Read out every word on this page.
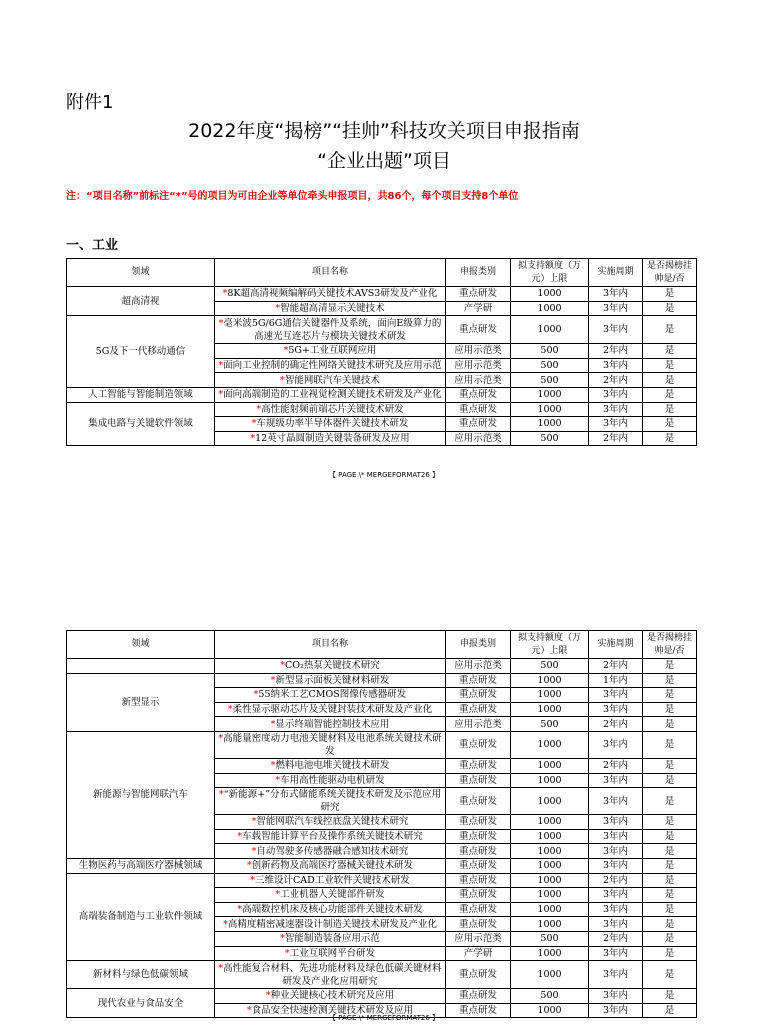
附件1
2022年度“揭榜”“挂帅”科技攻关项目申报指南
“企业出题”项目
注：“项目名称”前标注“*”号的项目为可由企业等单位牵头申报项目，共86个，每个项目支持8个单位
一、工业
领域	项目名称	申报类别	拟支持额度（万元）上限	实施周期	是否揭榜挂帅是/否
超高清视	*8K超高清视频编解码关键技术AVS3研发及产业化	重点研发	1000	3年内	是
	*智能超高清显示关键技术	产学研	1000	3年内	是
5G及下一代移动通信	*毫米波5G/6G通信关键器件及系统，面向E级算力的高速光互连芯片与模块关键技术研发	重点研发	1000	3年内	是
	*5G+工业互联网应用	应用示范类	500	2年内	是
	*面向工业控制的确定性网络关键技术研究及应用示范	应用示范类	500	3年内	是
	*智能网联汽车关键技术	应用示范类	500	2年内	是
人工智能与智能制造领域	*面向高端制造的工业视觉检测关键技术研发及产业化	重点研发	1000	3年内	是
集成电路与关键软件领域	*高性能射频前端芯片关键技术研发	重点研发	1000	3年内	是
	*车规级功率半导体器件关键技术研发	重点研发	1000	3年内	是
	*12英寸晶圆制造关键装备研发及应用	应用示范类	500	2年内	是
【 PAGE \* MERGEFORMAT26 】
领域	项目名称	申报类别	拟支持额度（万元）上限	实施周期	是否揭榜挂帅是/否
	*CO₂热泵关键技术研究	应用示范类	500	2年内	是
新型显示	*新型显示面板关键材料研发	重点研发	1000	1年内	是
	*55纳米工艺CMOS图像传感器研发	重点研发	1000	3年内	是
	*柔性显示驱动芯片及关键封装技术研发及产业化	重点研发	1000	3年内	是
	*显示终端智能控制技术应用	应用示范类	500	2年内	是
新能源与智能网联汽车	*高能量密度动力电池关键材料及电池系统关键技术研发	重点研发	1000	3年内	是
	*燃料电池电堆关键技术研发	重点研发	1000	2年内	是
	*车用高性能驱动电机研发	重点研发	1000	3年内	是
	*“新能源+”分布式储能系统关键技术研发及示范应用研究	重点研发	1000	3年内	是
	*智能网联汽车线控底盘关键技术研究	重点研发	1000	3年内	是
	*车载智能计算平台及操作系统关键技术研究	重点研发	1000	3年内	是
	*自动驾驶多传感器融合感知技术研究	重点研发	1000	3年内	是
生物医药与高端医疗器械领域	*创新药物及高端医疗器械关键技术研发	重点研发	1000	3年内	是
高端装备制造与工业软件领域	*三维设计CAD工业软件关键技术研发	重点研发	1000	2年内	是
	*工业机器人关键部件研发	重点研发	1000	3年内	是
	*高端数控机床及核心功能部件关键技术研发	重点研发	1000	3年内	是
	*高精度精密减速器设计制造关键技术研发及产业化	重点研发	1000	3年内	是
	*智能制造装备应用示范	应用示范类	500	2年内	是
	*工业互联网平台研发	产学研	1000	3年内	是
新材料与绿色低碳领域	*高性能复合材料、先进功能材料及绿色低碳关键材料研发及产业化应用研究	重点研发	1000	3年内	是
现代农业与食品安全	*种业关键核心技术研究及应用	重点研发	500	3年内	是
	*食品安全快速检测关键技术研发及应用	重点研发	1000	3年内	是
【 PAGE \* MERGEFORMAT26 】
